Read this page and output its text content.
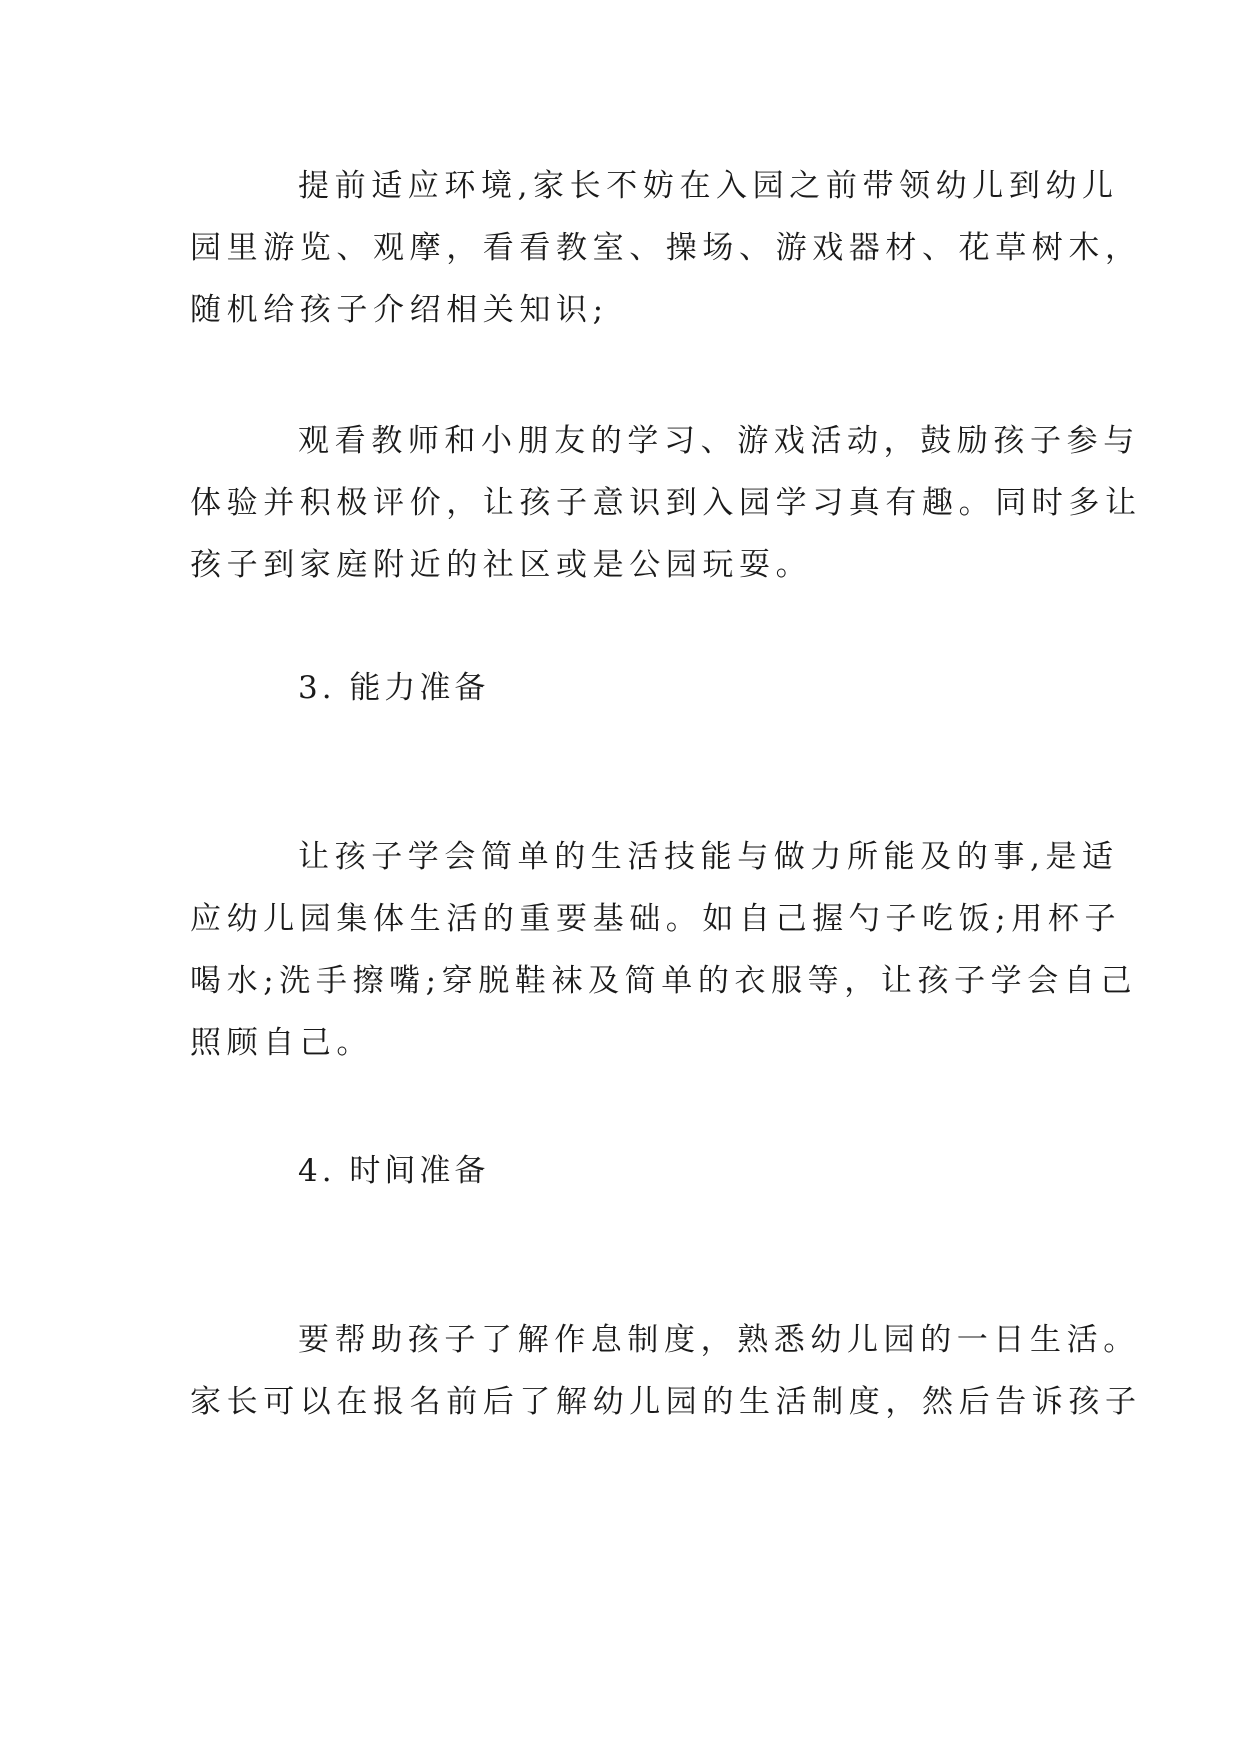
提前适应环境,家长不妨在入园之前带领幼儿到幼儿
园里游览、观摩，看看教室、操场、游戏器材、花草树木，
随机给孩子介绍相关知识;
观看教师和小朋友的学习、游戏活动，鼓励孩子参与
体验并积极评价，让孩子意识到入园学习真有趣。同时多让
孩子到家庭附近的社区或是公园玩耍。
3. 能力准备
让孩子学会简单的生活技能与做力所能及的事,是适
应幼儿园集体生活的重要基础。如自己握勺子吃饭;用杯子
喝水;洗手擦嘴;穿脱鞋袜及简单的衣服等，让孩子学会自己
照顾自己。
4. 时间准备
要帮助孩子了解作息制度，熟悉幼儿园的一日生活。
家长可以在报名前后了解幼儿园的生活制度，然后告诉孩子
